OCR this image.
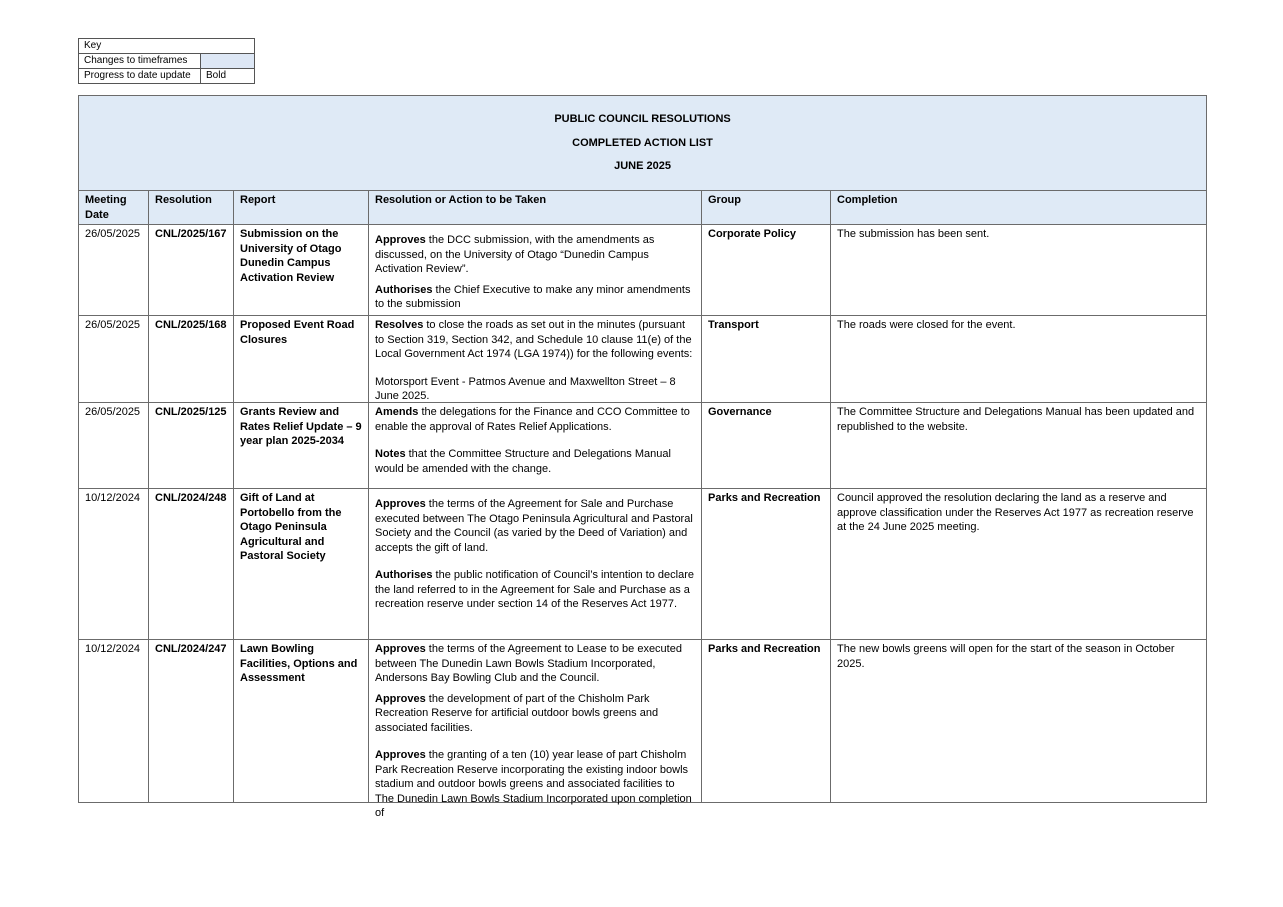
Key	
Changes to timeframes	
Progress to date update	Bold
PUBLIC COUNCIL RESOLUTIONS
COMPLETED ACTION LIST
JUNE 2025					

Meeting Date	Resolution	Report	Resolution or Action to be Taken	Group	Completion
26/05/2025	CNL/2025/167	Submission on the University of Otago Dunedin Campus Activation Review	Approves the DCC submission, with the amendments as discussed, on the University of Otago “Dunedin Campus Activation Review”.

Authorises the Chief Executive to make any minor amendments to the submission	Corporate Policy	The submission has been sent.
26/05/2025	CNL/2025/168	Proposed Event Road Closures	Resolves to close the roads as set out in the minutes (pursuant to Section 319, Section 342, and Schedule 10 clause 11(e) of the Local Government Act 1974 (LGA 1974)) for the following events:

Motorsport Event - Patmos Avenue and Maxwellton Street – 8 June 2025.	Transport	The roads were closed for the event.
26/05/2025	CNL/2025/125	Grants Review and Rates Relief Update – 9 year plan 2025-2034	Amends the delegations for the Finance and CCO Committee to enable the approval of Rates Relief Applications.

Notes that the Committee Structure and Delegations Manual would be amended with the change.	Governance	The Committee Structure and Delegations Manual has been updated and republished to the website.
10/12/2024	CNL/2024/248	Gift of Land at Portobello from the Otago Peninsula Agricultural and Pastoral Society	Approves the terms of the Agreement for Sale and Purchase executed between The Otago Peninsula Agricultural and Pastoral Society and the Council (as varied by the Deed of Variation) and accepts the gift of land.

Authorises the public notification of Council’s intention to declare the land referred to in the Agreement for Sale and Purchase as a recreation reserve under section 14 of the Reserves Act 1977.	Parks and Recreation	Council approved the resolution declaring the land as a reserve and approve classification under the Reserves Act 1977 as recreation reserve at the 24 June 2025 meeting.
10/12/2024	CNL/2024/247	Lawn Bowling Facilities, Options and Assessment	Approves the terms of the Agreement to Lease to be executed between The Dunedin Lawn Bowls Stadium Incorporated, Andersons Bay Bowling Club and the Council.

Approves the development of part of the Chisholm Park Recreation Reserve for artificial outdoor bowls greens and associated facilities.

Approves the granting of a ten (10) year lease of part Chisholm Park Recreation Reserve incorporating the existing indoor bowls stadium and outdoor bowls greens and associated facilities to The Dunedin Lawn Bowls Stadium Incorporated upon completion of	Parks and Recreation	The new bowls greens will open for the start of the season in October 2025.
